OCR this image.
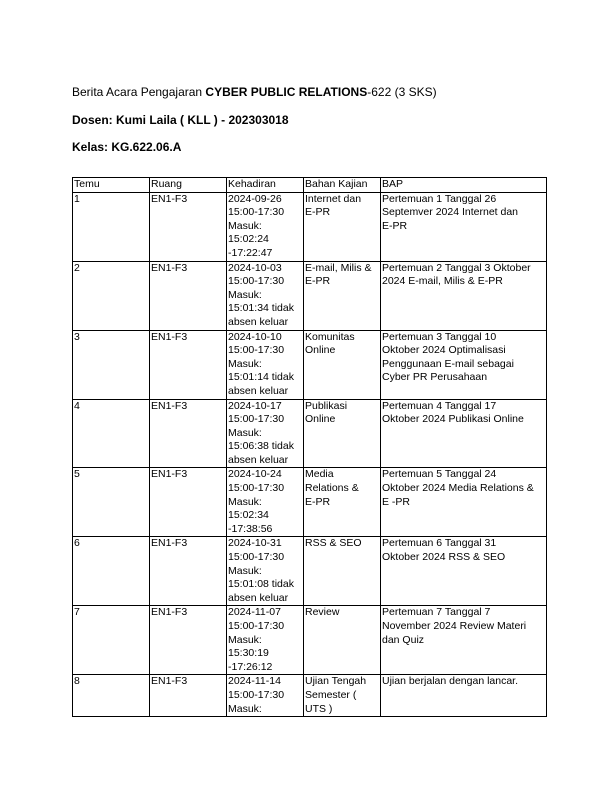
Berita Acara Pengajaran CYBER PUBLIC RELATIONS-622 (3 SKS)
Dosen: Kumi Laila ( KLL ) - 202303018
Kelas: KG.622.06.A
Temu	Ruang	Kehadiran	Bahan Kajian	BAP
1	EN1-F3	2024-09-26
15:00-17:30
Masuk:
15:02:24
-17:22:47	Internet dan
E-PR	Pertemuan 1 Tanggal 26
Septemver 2024 Internet dan
E-PR

2	EN1-F3	2024-10-03
15:00-17:30
Masuk:
15:01:34 tidak
absen keluar	E-mail, Milis &
E-PR	Pertemuan 2 Tanggal 3 Oktober
2024 E-mail, Milis & E-PR

3	EN1-F3	2024-10-10
15:00-17:30
Masuk:
15:01:14 tidak
absen keluar	Komunitas
Online	Pertemuan 3 Tanggal 10
Oktober 2024 Optimalisasi
Penggunaan E-mail sebagai
Cyber PR Perusahaan

4	EN1-F3	2024-10-17
15:00-17:30
Masuk:
15:06:38 tidak
absen keluar	Publikasi
Online	Pertemuan 4 Tanggal 17
Oktober 2024 Publikasi Online

5	EN1-F3	2024-10-24
15:00-17:30
Masuk:
15:02:34
-17:38:56	Media
Relations &
E-PR	Pertemuan 5 Tanggal 24
Oktober 2024 Media Relations &
E -PR

6	EN1-F3	2024-10-31
15:00-17:30
Masuk:
15:01:08 tidak
absen keluar	RSS & SEO	Pertemuan 6 Tanggal 31
Oktober 2024 RSS & SEO

7	EN1-F3	2024-11-07
15:00-17:30
Masuk:
15:30:19
-17:26:12	Review	Pertemuan 7 Tanggal 7
November 2024 Review Materi
dan Quiz

8	EN1-F3	2024-11-14
15:00-17:30
Masuk:	Ujian Tengah
Semester (
UTS )	Ujian berjalan dengan lancar.
